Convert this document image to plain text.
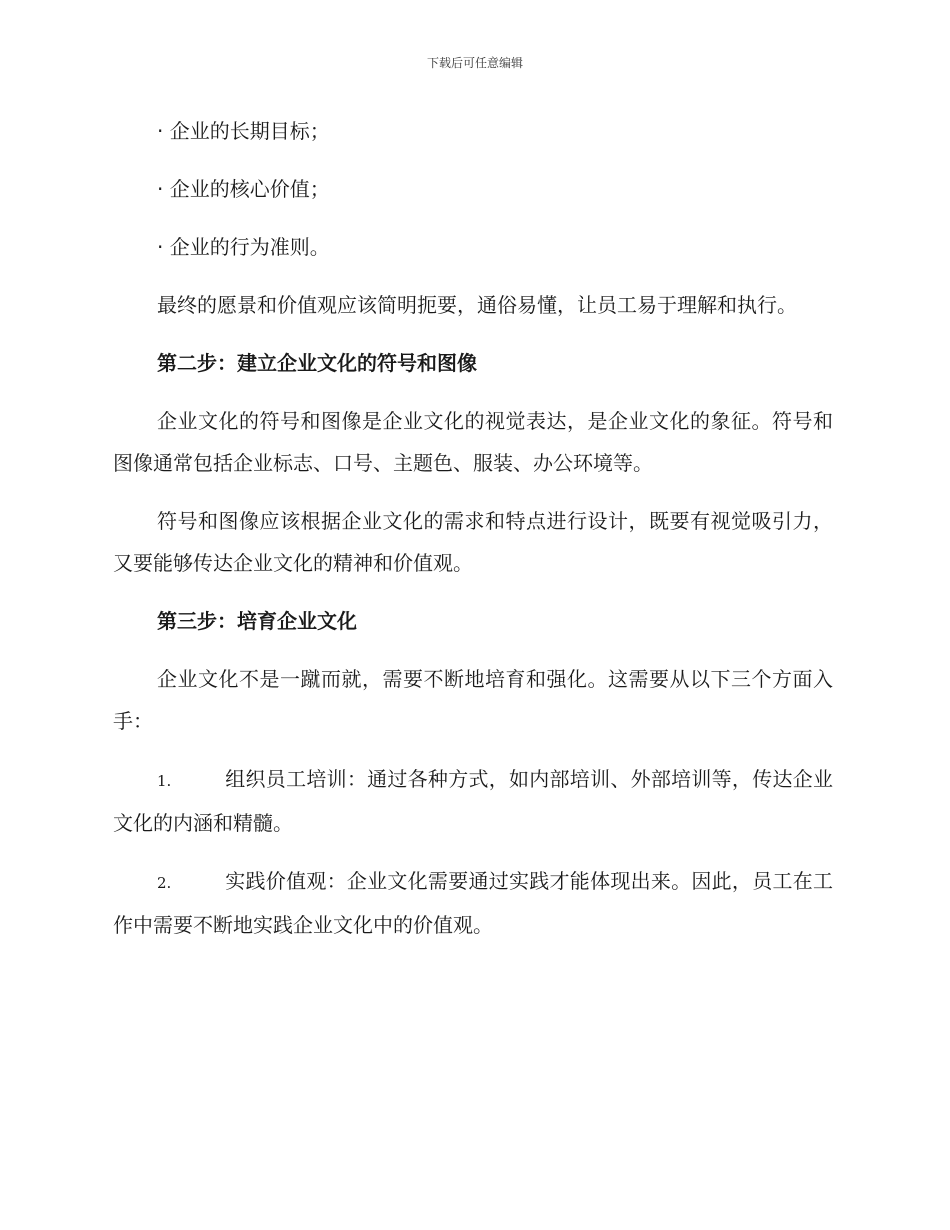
下载后可任意编辑

· 企业的长期目标；

· 企业的核心价值；

· 企业的行为准则。

最终的愿景和价值观应该简明扼要，通俗易懂，让员工易于理解和执行。

第二步：建立企业文化的符号和图像

企业文化的符号和图像是企业文化的视觉表达，是企业文化的象征。符号和图像通常包括企业标志、口号、主题色、服装、办公环境等。

符号和图像应该根据企业文化的需求和特点进行设计，既要有视觉吸引力，又要能够传达企业文化的精神和价值观。

第三步：培育企业文化

企业文化不是一蹴而就，需要不断地培育和强化。这需要从以下三个方面入手：

1.	组织员工培训：通过各种方式，如内部培训、外部培训等，传达企业文化的内涵和精髓。

2.	实践价值观：企业文化需要通过实践才能体现出来。因此，员工在工作中需要不断地实践企业文化中的价值观。
